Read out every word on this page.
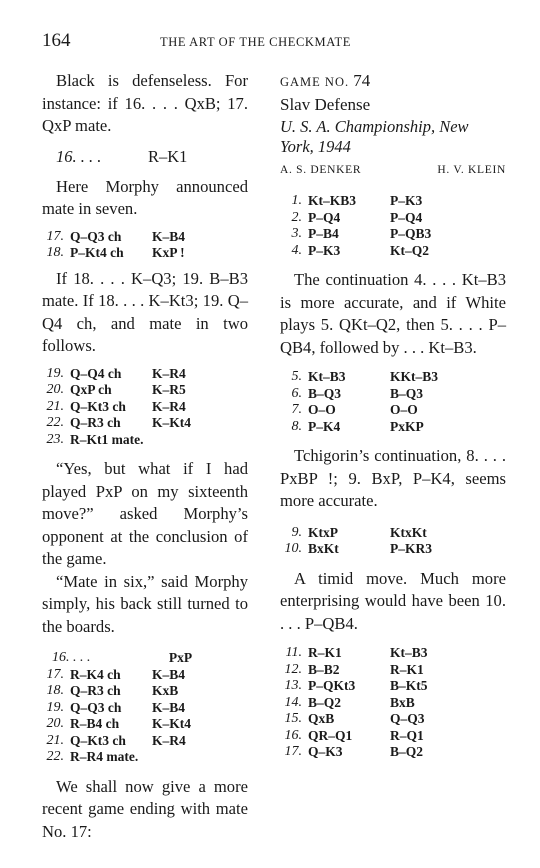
164	THE ART OF THE CHECKMATE

Black is defenseless. For instance: if 16. . . . QxB; 17. QxP mate.

16. . . .	R–K1

Here Morphy announced mate in seven.

17. Q–Q3 ch	K–B4
18. P–Kt4 ch	KxP !

If 18. . . . K–Q3; 19. B–B3 mate. If 18. . . . K–Kt3; 19. Q–Q4 ch, and mate in two follows.

19. Q–Q4 ch	K–R4
20. QxP ch	K–R5
21. Q–Kt3 ch	K–R4
22. Q–R3 ch	K–Kt4
23. R–Kt1 mate.

“Yes, but what if I had played PxP on my sixteenth move?” asked Morphy’s opponent at the conclusion of the game.

“Mate in six,” said Morphy simply, his back still turned to the boards.

16. . . .	PxP
17. R–K4 ch	K–B4
18. Q–R3 ch	KxB
19. Q–Q3 ch	K–B4
20. R–B4 ch	K–Kt4
21. Q–Kt3 ch	K–R4
22. R–R4 mate.

We shall now give a more recent game ending with mate No. 17:

GAME NO. 74

Slav Defense

U. S. A. Championship, New York, 1944

A. S. DENKER	H. V. KLEIN
1. Kt–KB3	P–K3
2. P–Q4	P–Q4
3. P–B4	P–QB3
4. P–K3	Kt–Q2

The continuation 4. . . . Kt–B3 is more accurate, and if White plays 5. QKt–Q2, then 5. . . . P–QB4, followed by . . . Kt–B3.

5. Kt–B3	KKt–B3
6. B–Q3	B–Q3
7. O–O	O–O
8. P–K4	PxKP

Tchigorin’s continuation, 8. . . . PxBP !; 9. BxP, P–K4, seems more accurate.

9. KtxP	KtxKt
10. BxKt	P–KR3

A timid move. Much more enterprising would have been 10. . . . P–QB4.

11. R–K1	Kt–B3
12. B–B2	R–K1
13. P–QKt3	B–Kt5
14. B–Q2	BxB
15. QxB	Q–Q3
16. QR–Q1	R–Q1
17. Q–K3	B–Q2
